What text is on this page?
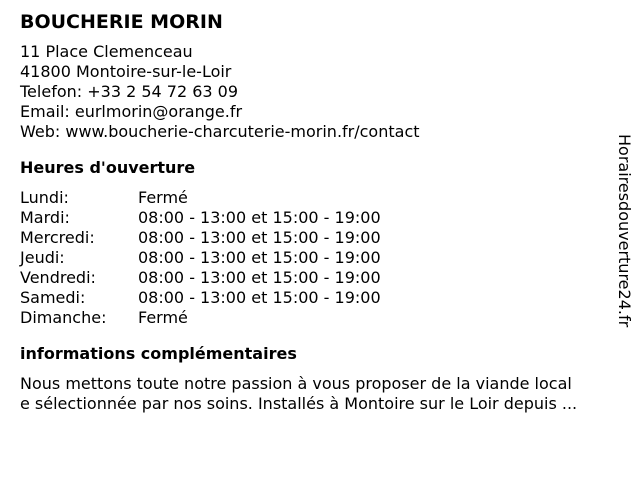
BOUCHERIE MORIN
11 Place Clemenceau
41800 Montoire-sur-le-Loir
Telefon: +33 2 54 72 63 09
Email: eurlmorin@orange.fr
Web: www.boucherie-charcuterie-morin.fr/contact
Heures d'ouverture
Lundi:	Fermé
Mardi:	08:00 - 13:00 et 15:00 - 19:00
Mercredi:	08:00 - 13:00 et 15:00 - 19:00
Jeudi:	08:00 - 13:00 et 15:00 - 19:00
Vendredi:	08:00 - 13:00 et 15:00 - 19:00
Samedi:	08:00 - 13:00 et 15:00 - 19:00
Dimanche:	Fermé
informations complémentaires
Nous mettons toute notre passion à vous proposer de la viande local
e sélectionnée par nos soins. Installés à Montoire sur le Loir depuis ...
Horairesdouverture24.fr
